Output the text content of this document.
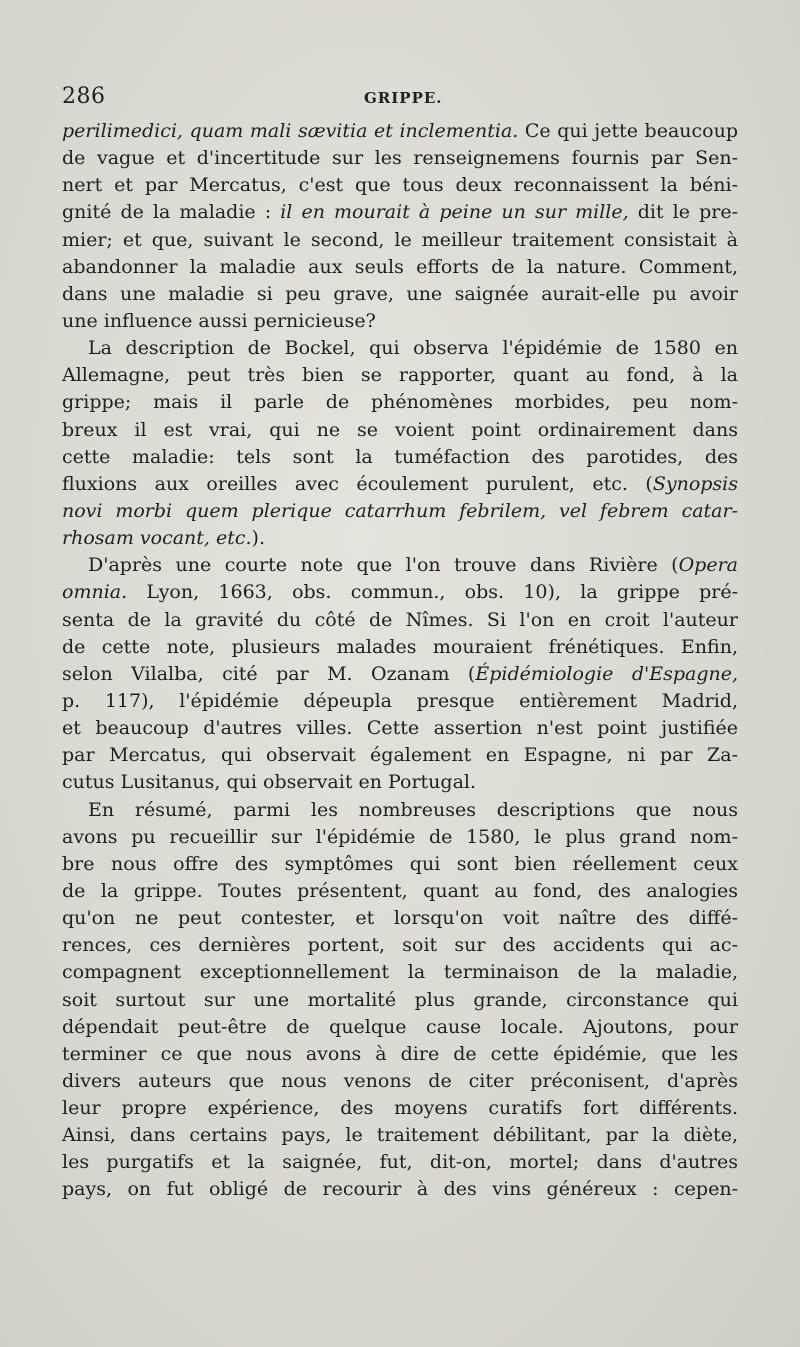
286	GRIPPE.
perilimedici, quam mali sævitia et inclementia. Ce qui jette beaucoup
de vague et d'incertitude sur les renseignemens fournis par Sen-
nert et par Mercatus, c'est que tous deux reconnaissent la béni-
gnité de la maladie : il en mourait à peine un sur mille, dit le pre-
mier; et que, suivant le second, le meilleur traitement consistait à
abandonner la maladie aux seuls efforts de la nature. Comment,
dans une maladie si peu grave, une saignée aurait-elle pu avoir
une influence aussi pernicieuse?
La description de Bockel, qui observa l'épidémie de 1580 en
Allemagne, peut très bien se rapporter, quant au fond, à la
grippe; mais il parle de phénomènes morbides, peu nom-
breux il est vrai, qui ne se voient point ordinairement dans
cette maladie: tels sont la tuméfaction des parotides, des
fluxions aux oreilles avec écoulement purulent, etc. (Synopsis
novi morbi quem plerique catarrhum febrilem, vel febrem catar-
rhosam vocant, etc.).
D'après une courte note que l'on trouve dans Rivière (Opera
omnia. Lyon, 1663, obs. commun., obs. 10), la grippe pré-
senta de la gravité du côté de Nîmes. Si l'on en croit l'auteur
de cette note, plusieurs malades mouraient frénétiques. Enfin,
selon Vilalba, cité par M. Ozanam (Épidémiologie d'Espagne,
p. 117), l'épidémie dépeupla presque entièrement Madrid,
et beaucoup d'autres villes. Cette assertion n'est point justifiée
par Mercatus, qui observait également en Espagne, ni par Za-
cutus Lusitanus, qui observait en Portugal.
En résumé, parmi les nombreuses descriptions que nous
avons pu recueillir sur l'épidémie de 1580, le plus grand nom-
bre nous offre des symptômes qui sont bien réellement ceux
de la grippe. Toutes présentent, quant au fond, des analogies
qu'on ne peut contester, et lorsqu'on voit naître des diffé-
rences, ces dernières portent, soit sur des accidents qui ac-
compagnent exceptionnellement la terminaison de la maladie,
soit surtout sur une mortalité plus grande, circonstance qui
dépendait peut-être de quelque cause locale. Ajoutons, pour
terminer ce que nous avons à dire de cette épidémie, que les
divers auteurs que nous venons de citer préconisent, d'après
leur propre expérience, des moyens curatifs fort différents.
Ainsi, dans certains pays, le traitement débilitant, par la diète,
les purgatifs et la saignée, fut, dit-on, mortel; dans d'autres
pays, on fut obligé de recourir à des vins généreux : cepen-
